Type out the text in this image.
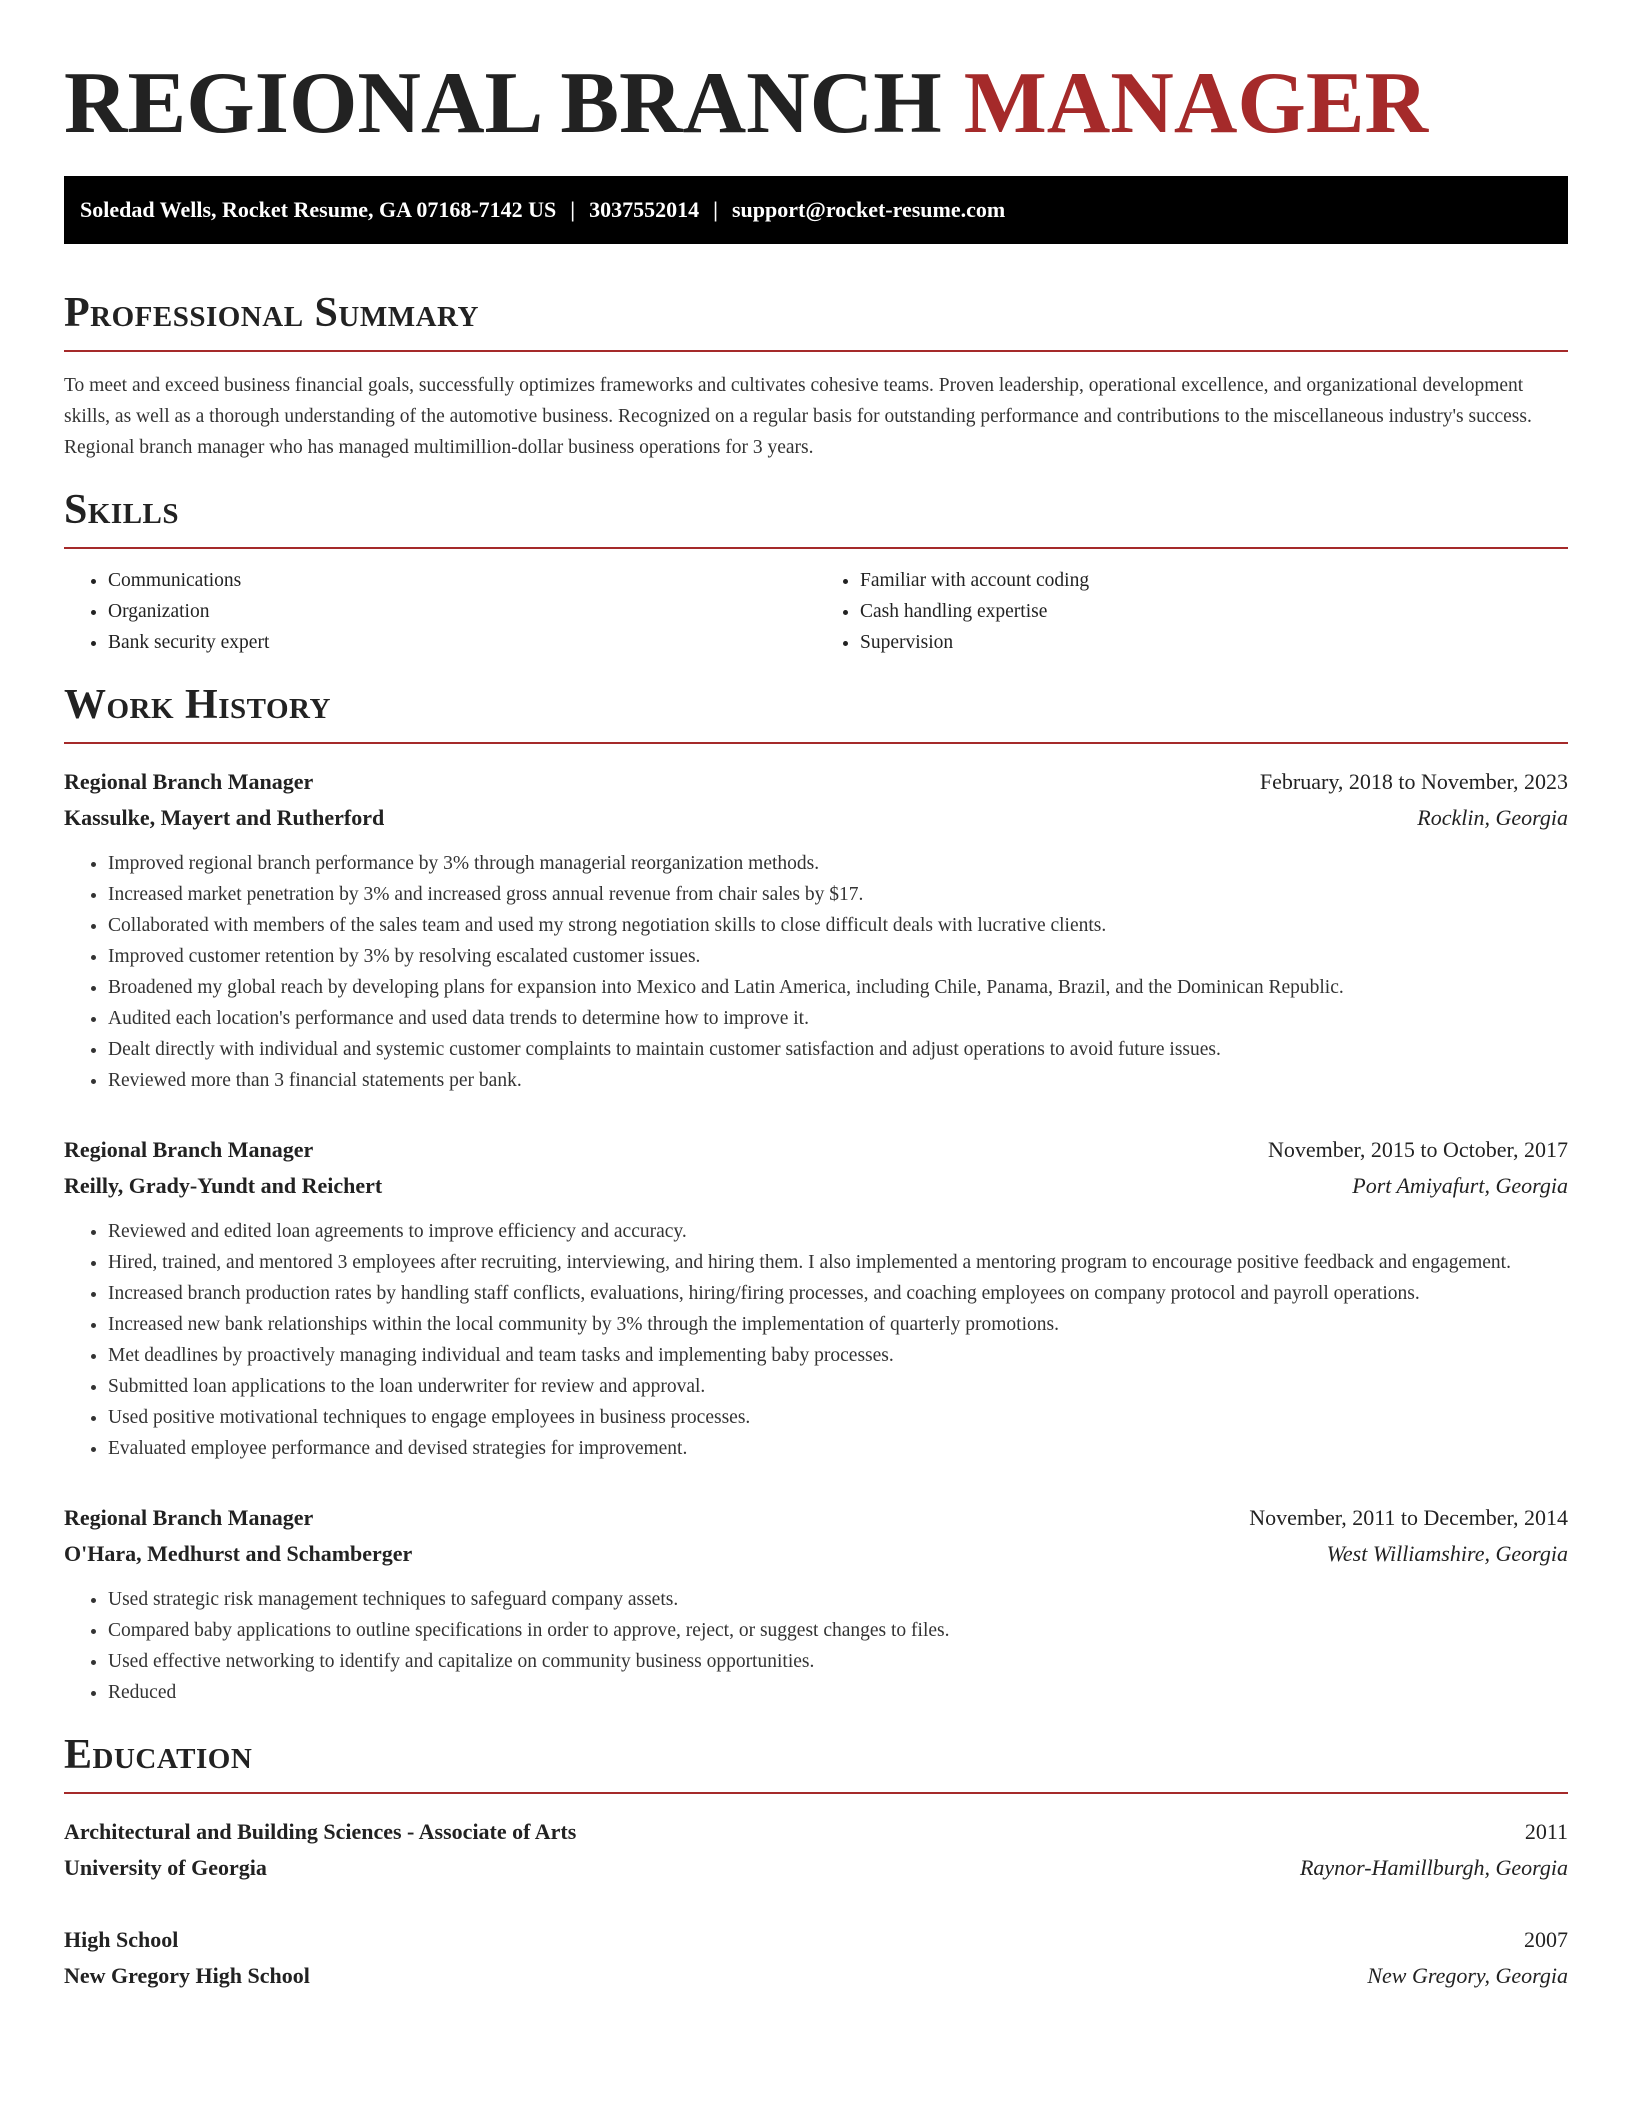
REGIONAL BRANCH MANAGER
Soledad Wells, Rocket Resume, GA 07168-7142 US | 3037552014 | support@rocket-resume.com
Professional Summary

To meet and exceed business financial goals, successfully optimizes frameworks and cultivates cohesive teams. Proven leadership, operational excellence, and organizational development skills, as well as a thorough understanding of the automotive business. Recognized on a regular basis for outstanding performance and contributions to the miscellaneous industry's success. Regional branch manager who has managed multimillion-dollar business operations for 3 years.

Skills
• Communications
• Organization
• Bank security expert
• Familiar with account coding
• Cash handling expertise
• Supervision
Work History
Regional Branch Manager	February, 2018 to November, 2023
Kassulke, Mayert and Rutherford	Rocklin, Georgia
• Improved regional branch performance by 3% through managerial reorganization methods.
• Increased market penetration by 3% and increased gross annual revenue from chair sales by $17.
• Collaborated with members of the sales team and used my strong negotiation skills to close difficult deals with lucrative clients.
• Improved customer retention by 3% by resolving escalated customer issues.
• Broadened my global reach by developing plans for expansion into Mexico and Latin America, including Chile, Panama, Brazil, and the Dominican Republic.
• Audited each location's performance and used data trends to determine how to improve it.
• Dealt directly with individual and systemic customer complaints to maintain customer satisfaction and adjust operations to avoid future issues.
• Reviewed more than 3 financial statements per bank.
Regional Branch Manager	November, 2015 to October, 2017
Reilly, Grady-Yundt and Reichert	Port Amiyafurt, Georgia
• Reviewed and edited loan agreements to improve efficiency and accuracy.
• Hired, trained, and mentored 3 employees after recruiting, interviewing, and hiring them. I also implemented a mentoring program to encourage positive feedback and engagement.
• Increased branch production rates by handling staff conflicts, evaluations, hiring/firing processes, and coaching employees on company protocol and payroll operations.
• Increased new bank relationships within the local community by 3% through the implementation of quarterly promotions.
• Met deadlines by proactively managing individual and team tasks and implementing baby processes.
• Submitted loan applications to the loan underwriter for review and approval.
• Used positive motivational techniques to engage employees in business processes.
• Evaluated employee performance and devised strategies for improvement.
Regional Branch Manager	November, 2011 to December, 2014
O'Hara, Medhurst and Schamberger	West Williamshire, Georgia
• Used strategic risk management techniques to safeguard company assets.
• Compared baby applications to outline specifications in order to approve, reject, or suggest changes to files.
• Used effective networking to identify and capitalize on community business opportunities.
• Reduced
Education
Architectural and Building Sciences - Associate of Arts	2011
University of Georgia	Raynor-Hamillburgh, Georgia
High School	2007
New Gregory High School	New Gregory, Georgia
